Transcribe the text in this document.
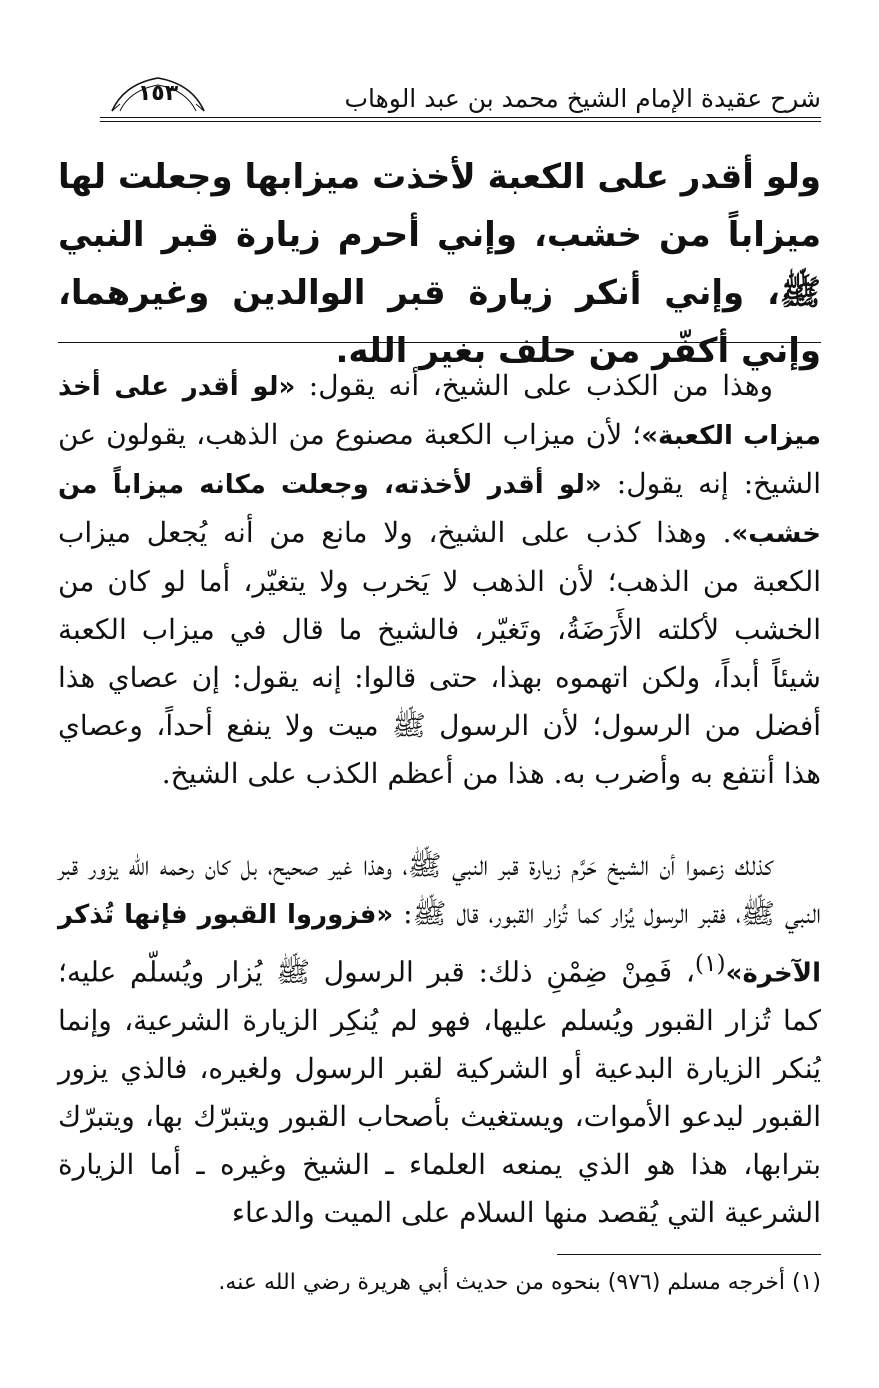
شرح عقيدة الإمام الشيخ محمد بن عبد الوهاب
١٥٣

ولو أقدر على الكعبة لأخذت ميزابها وجعلت لها ميزاباً من خشب، وإني أحرم زيارة قبر النبي ﷺ، وإني أنكر زيارة قبر الوالدين وغيرهما، وإني أكفّر من حلف بغير الله.

وهذا من الكذب على الشيخ، أنه يقول: «لو أقدر على أخذ ميزاب الكعبة»؛ لأن ميزاب الكعبة مصنوع من الذهب، يقولون عن الشيخ: إنه يقول: «لو أقدر لأخذته، وجعلت مكانه ميزاباً من خشب». وهذا كذب على الشيخ، ولا مانع من أنه يُجعل ميزاب الكعبة من الذهب؛ لأن الذهب لا يَخرب ولا يتغيّر، أما لو كان من الخشب لأكلته الأَرَضَةُ، وتَغيّر، فالشيخ ما قال في ميزاب الكعبة شيئاً أبداً، ولكن اتهموه بهذا، حتى قالوا: إنه يقول: إن عصاي هذا أفضل من الرسول؛ لأن الرسول ﷺ ميت ولا ينفع أحداً، وعصاي هذا أنتفع به وأضرب به. هذا من أعظم الكذب على الشيخ.

كذلك زعموا أن الشيخ حَرَّم زيارة قبر النبي ﷺ، وهذا غير صحيح، بل كان رحمه الله يزور قبر النبي ﷺ، فقبر الرسول يُزار كما تُزار القبور، قال ﷺ: «فزوروا القبور فإنها تُذكر الآخرة»$^{(١)}$، فَمِنْ ضِمْنِ ذلك: قبر الرسول ﷺ يُزار ويُسلّم عليه؛ كما تُزار القبور ويُسلم عليها، فهو لم يُنكِر الزيارة الشرعية، وإنما يُنكر الزيارة البدعية أو الشركية لقبر الرسول ولغيره، فالذي يزور القبور ليدعو الأموات، ويستغيث بأصحاب القبور ويتبرّك بها، ويتبرّك بترابها، هذا هو الذي يمنعه العلماء ـ الشيخ وغيره ـ أما الزيارة الشرعية التي يُقصد منها السلام على الميت والدعاء

(١) أخرجه مسلم (٩٧٦) بنحوه من حديث أبي هريرة رضي الله عنه.
